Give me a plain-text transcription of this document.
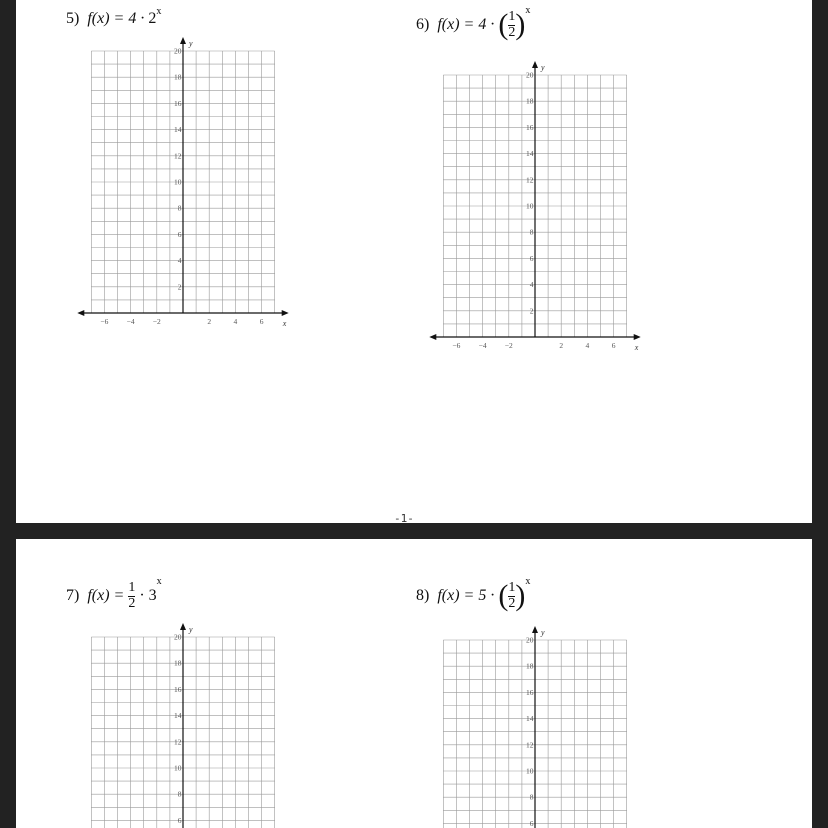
5) $f(x) = 4 \cdot 2^x$
6) f(x) = 4 · ( $\frac{1}{2} )^x$
x
y
−6 −4 −2	2	4	6
2
4
6
8
10
12
14
16
18
20
x
y
−6 −4 −2	2	4	6
2
4
6
8
10
12
14
16
18
20
-1-
7) $f(x) = \frac{1}{2} \cdot 3^x$
8) f(x) = 5 · ( $\frac{1}{2} )^x$
y
6
8
10
12
14
16
18
20	y
6
8
10
12
14
16
18
20
